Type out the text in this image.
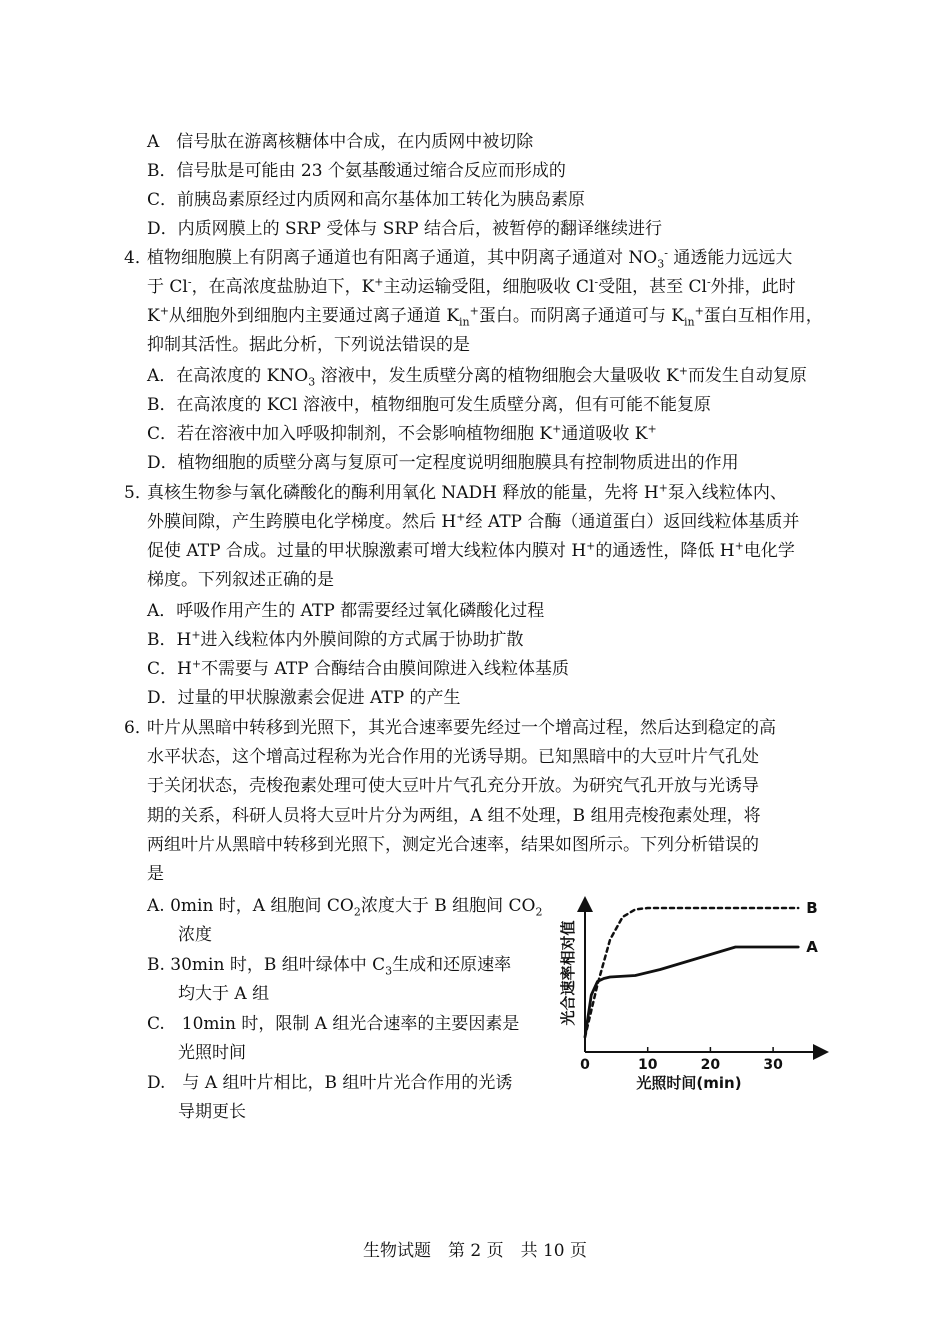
A　信号肽在游离核糖体中合成，在内质网中被切除
B．信号肽是可能由 23 个氨基酸通过缩合反应而形成的
C．前胰岛素原经过内质网和高尔基体加工转化为胰岛素原
D．内质网膜上的 SRP 受体与 SRP 结合后，被暂停的翻译继续进行
4．
植物细胞膜上有阴离子通道也有阳离子通道，其中阴离子通道对 $NO_3^-$ 通透能力远远大
于 Cl-，在高浓度盐胁迫下，K+主动运输受阻，细胞吸收 Cl-受阻，甚至 Cl-外排，此时
K+从细胞外到细胞内主要通过离子通道 $K_{in}^+$蛋白。而阴离子通道可与 $K_{in}^+$蛋白互相作用，
抑制其活性。据此分析，下列说法错误的是
A．在高浓度的 $KNO_3$ 溶液中，发生质壁分离的植物细胞会大量吸收 K+而发生自动复原
B．在高浓度的 KCl 溶液中，植物细胞可发生质壁分离，但有可能不能复原
C．若在溶液中加入呼吸抑制剂，不会影响植物细胞 K+通道吸收 K+
D．植物细胞的质壁分离与复原可一定程度说明细胞膜具有控制物质进出的作用
5．
真核生物参与氧化磷酸化的酶利用氧化 NADH 释放的能量，先将 H+泵入线粒体内、
外膜间隙，产生跨膜电化学梯度。然后 H+经 ATP 合酶（通道蛋白）返回线粒体基质并
促使 ATP 合成。过量的甲状腺激素可增大线粒体内膜对 H+的通透性，降低 H+电化学
梯度。下列叙述正确的是
A．呼吸作用产生的 ATP 都需要经过氧化磷酸化过程
B．H+进入线粒体内外膜间隙的方式属于协助扩散
C．H+不需要与 ATP 合酶结合由膜间隙进入线粒体基质
D．过量的甲状腺激素会促进 ATP 的产生
6．
叶片从黑暗中转移到光照下，其光合速率要先经过一个增高过程，然后达到稳定的高
水平状态，这个增高过程称为光合作用的光诱导期。已知黑暗中的大豆叶片气孔处
于关闭状态，壳梭孢素处理可使大豆叶片气孔充分开放。为研究气孔开放与光诱导
期的关系，科研人员将大豆叶片分为两组，A 组不处理，B 组用壳梭孢素处理，将
两组叶片从黑暗中转移到光照下，测定光合速率，结果如图所示。下列分析错误的
是
A. 0min 时，A 组胞间 $CO_2$浓度大于 B 组胞间 $CO_2$
浓度
B. 30min 时，B 组叶绿体中 $C_3$生成和还原速率
均大于 A 组
C.　10min 时，限制 A 组光合速率的主要因素是
光照时间
D.　与 A 组叶片相比，B 组叶片光合作用的光诱
导期更长
0	10	20	30
光照时间(min)
光合速率相对值
B
A
生物试题　第 2 页　共 10 页
